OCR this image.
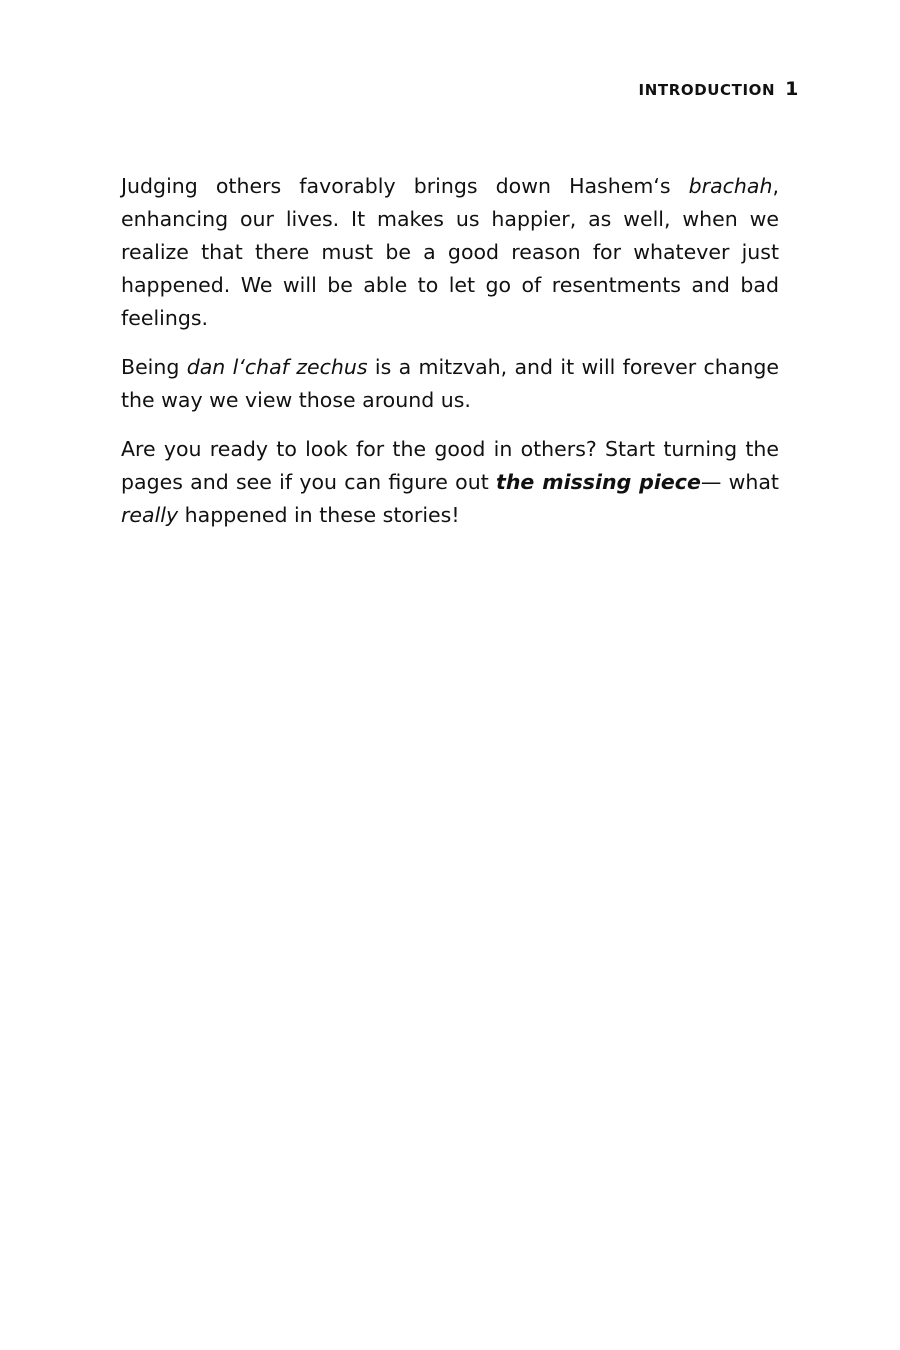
INTRODUCTION 1

Judging others favorably brings down Hashem‘s brachah, enhancing our lives. It makes us happier, as well, when we realize that there must be a good reason for whatever just happened. We will be able to let go of resentments and bad feelings.

Being dan l‘chaf zechus is a mitzvah, and it will forever change the way we view those around us.

Are you ready to look for the good in others? Start turning the pages and see if you can figure out the missing piece— what really happened in these stories!
